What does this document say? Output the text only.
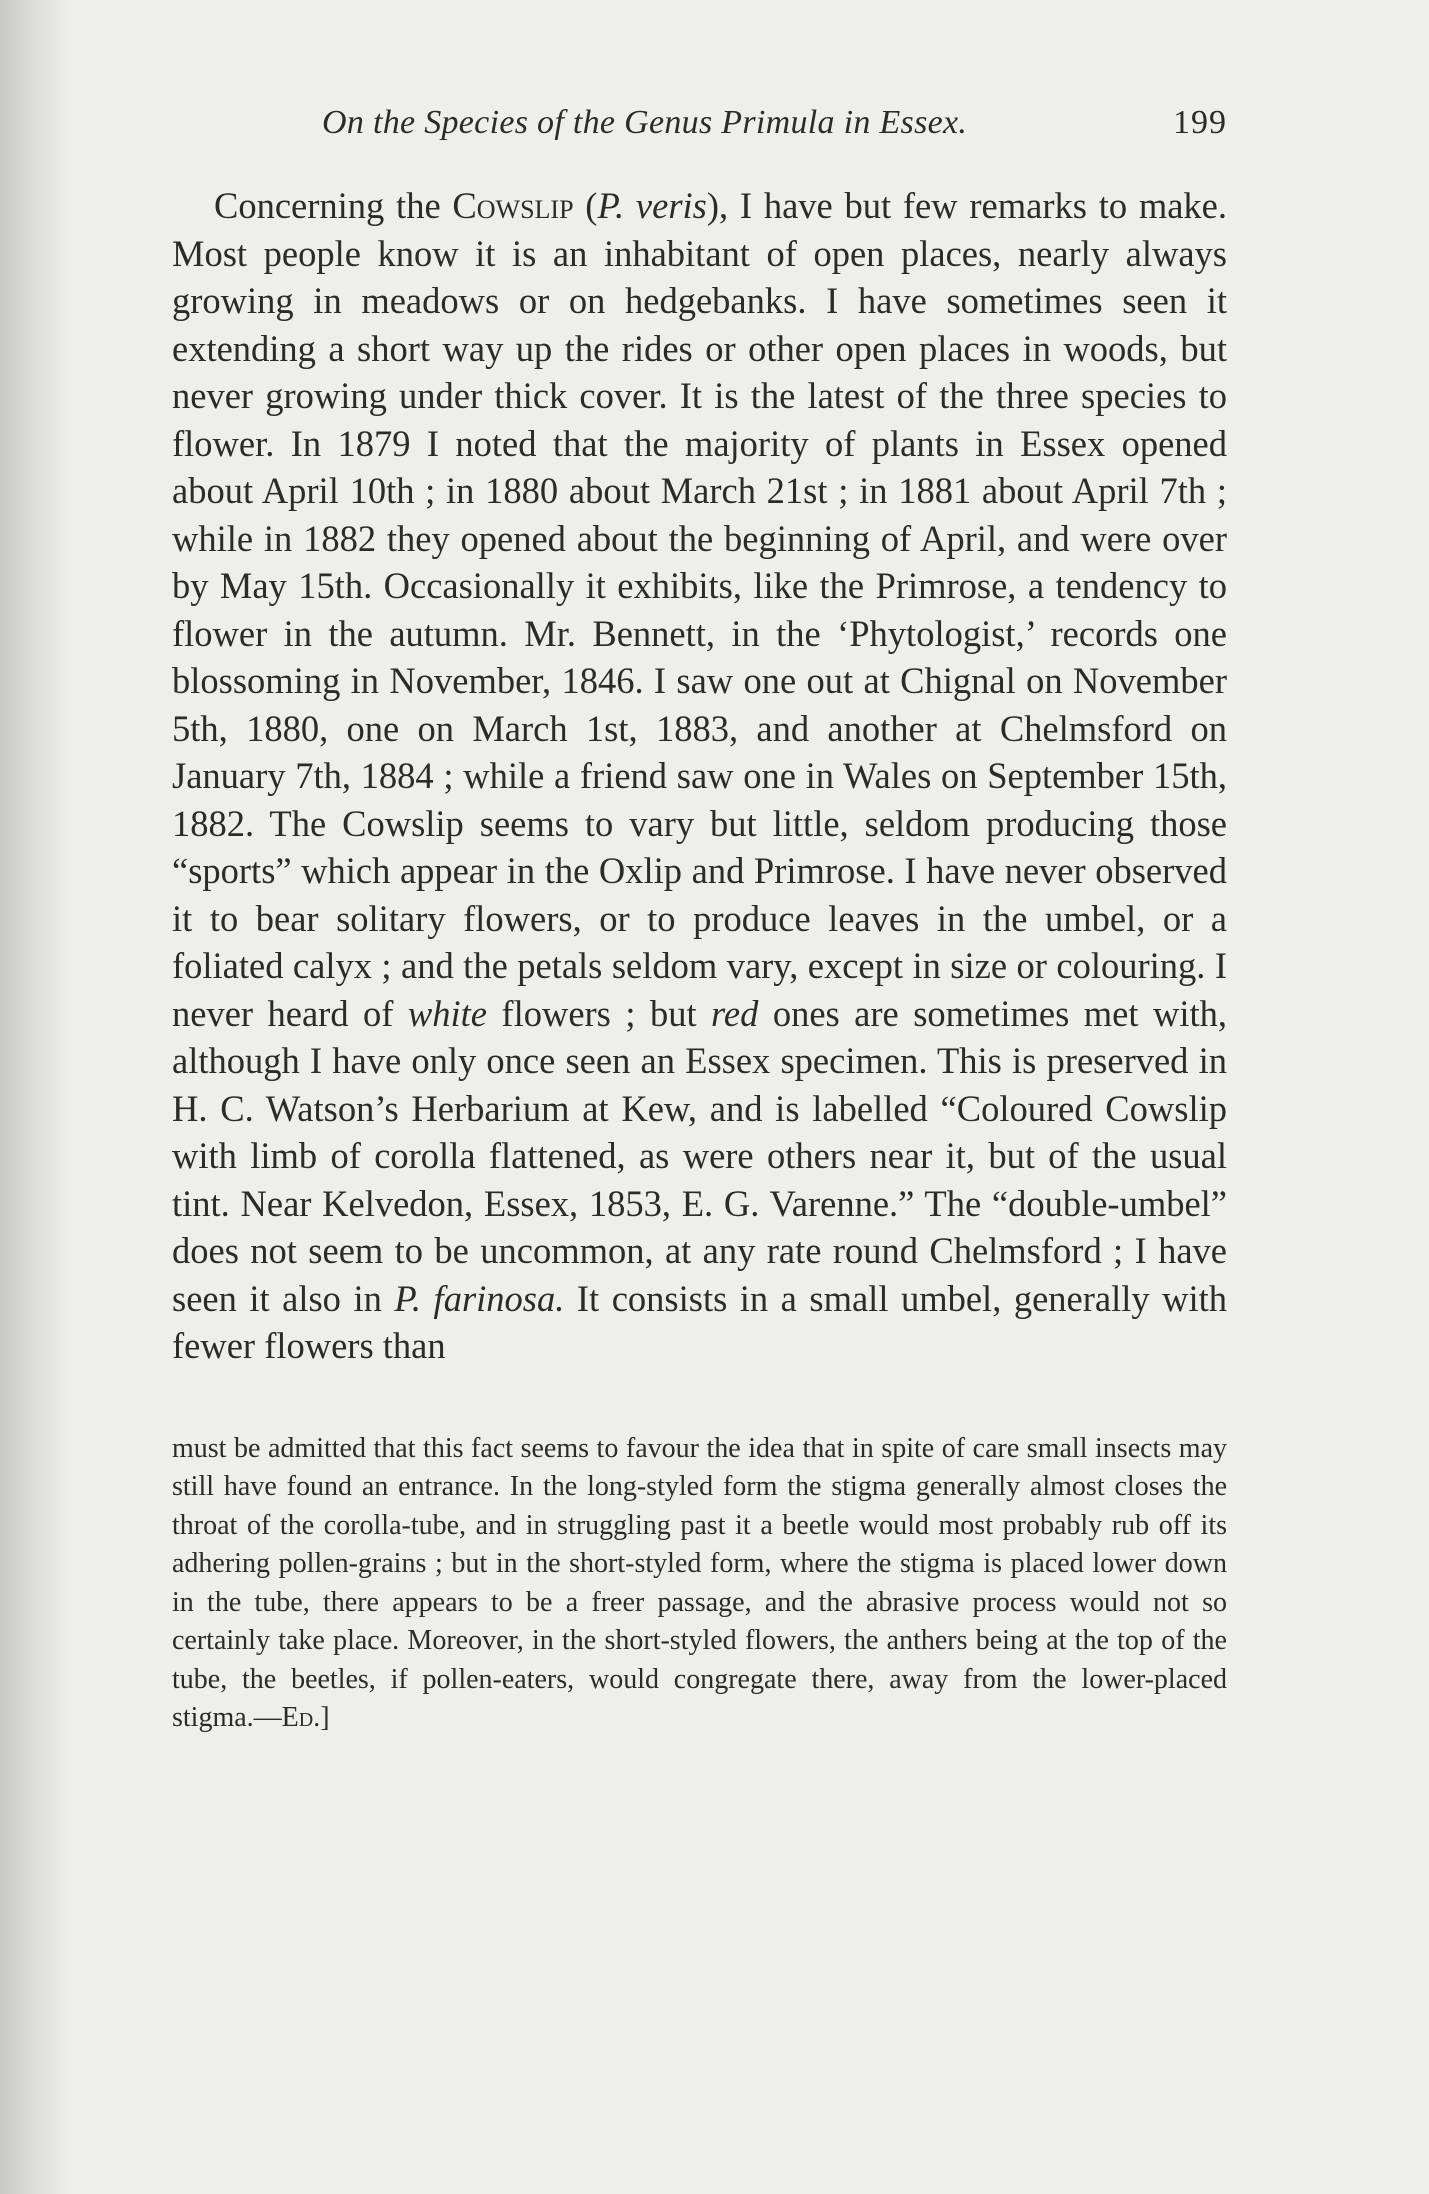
On the Species of the Genus Primula in Essex.	199

Concerning the Cowslip (P. veris), I have but few remarks to make. Most people know it is an inhabitant of open places, nearly always growing in meadows or on hedgebanks. I have sometimes seen it extending a short way up the rides or other open places in woods, but never growing under thick cover. It is the latest of the three species to flower. In 1879 I noted that the majority of plants in Essex opened about April 10th ; in 1880 about March 21st ; in 1881 about April 7th ; while in 1882 they opened about the beginning of April, and were over by May 15th. Occasionally it exhibits, like the Primrose, a tendency to flower in the autumn. Mr. Bennett, in the ‘Phytologist,’ records one blossoming in November, 1846. I saw one out at Chignal on November 5th, 1880, one on March 1st, 1883, and another at Chelmsford on January 7th, 1884 ; while a friend saw one in Wales on September 15th, 1882. The Cowslip seems to vary but little, seldom producing those “sports” which appear in the Oxlip and Primrose. I have never observed it to bear solitary flowers, or to produce leaves in the umbel, or a foliated calyx ; and the petals seldom vary, except in size or colouring. I never heard of white flowers ; but red ones are sometimes met with, although I have only once seen an Essex specimen. This is preserved in H. C. Watson’s Herbarium at Kew, and is labelled “Coloured Cowslip with limb of corolla flattened, as were others near it, but of the usual tint. Near Kelvedon, Essex, 1853, E. G. Varenne.” The “double-umbel” does not seem to be uncommon, at any rate round Chelmsford ; I have seen it also in P. farinosa. It consists in a small umbel, generally with fewer flowers than

must be admitted that this fact seems to favour the idea that in spite of care small insects may still have found an entrance. In the long-styled form the stigma generally almost closes the throat of the corolla-tube, and in struggling past it a beetle would most probably rub off its adhering pollen-grains ; but in the short-styled form, where the stigma is placed lower down in the tube, there appears to be a freer passage, and the abrasive process would not so certainly take place. Moreover, in the short-styled flowers, the anthers being at the top of the tube, the beetles, if pollen-eaters, would congregate there, away from the lower-placed stigma.—Ed.]
